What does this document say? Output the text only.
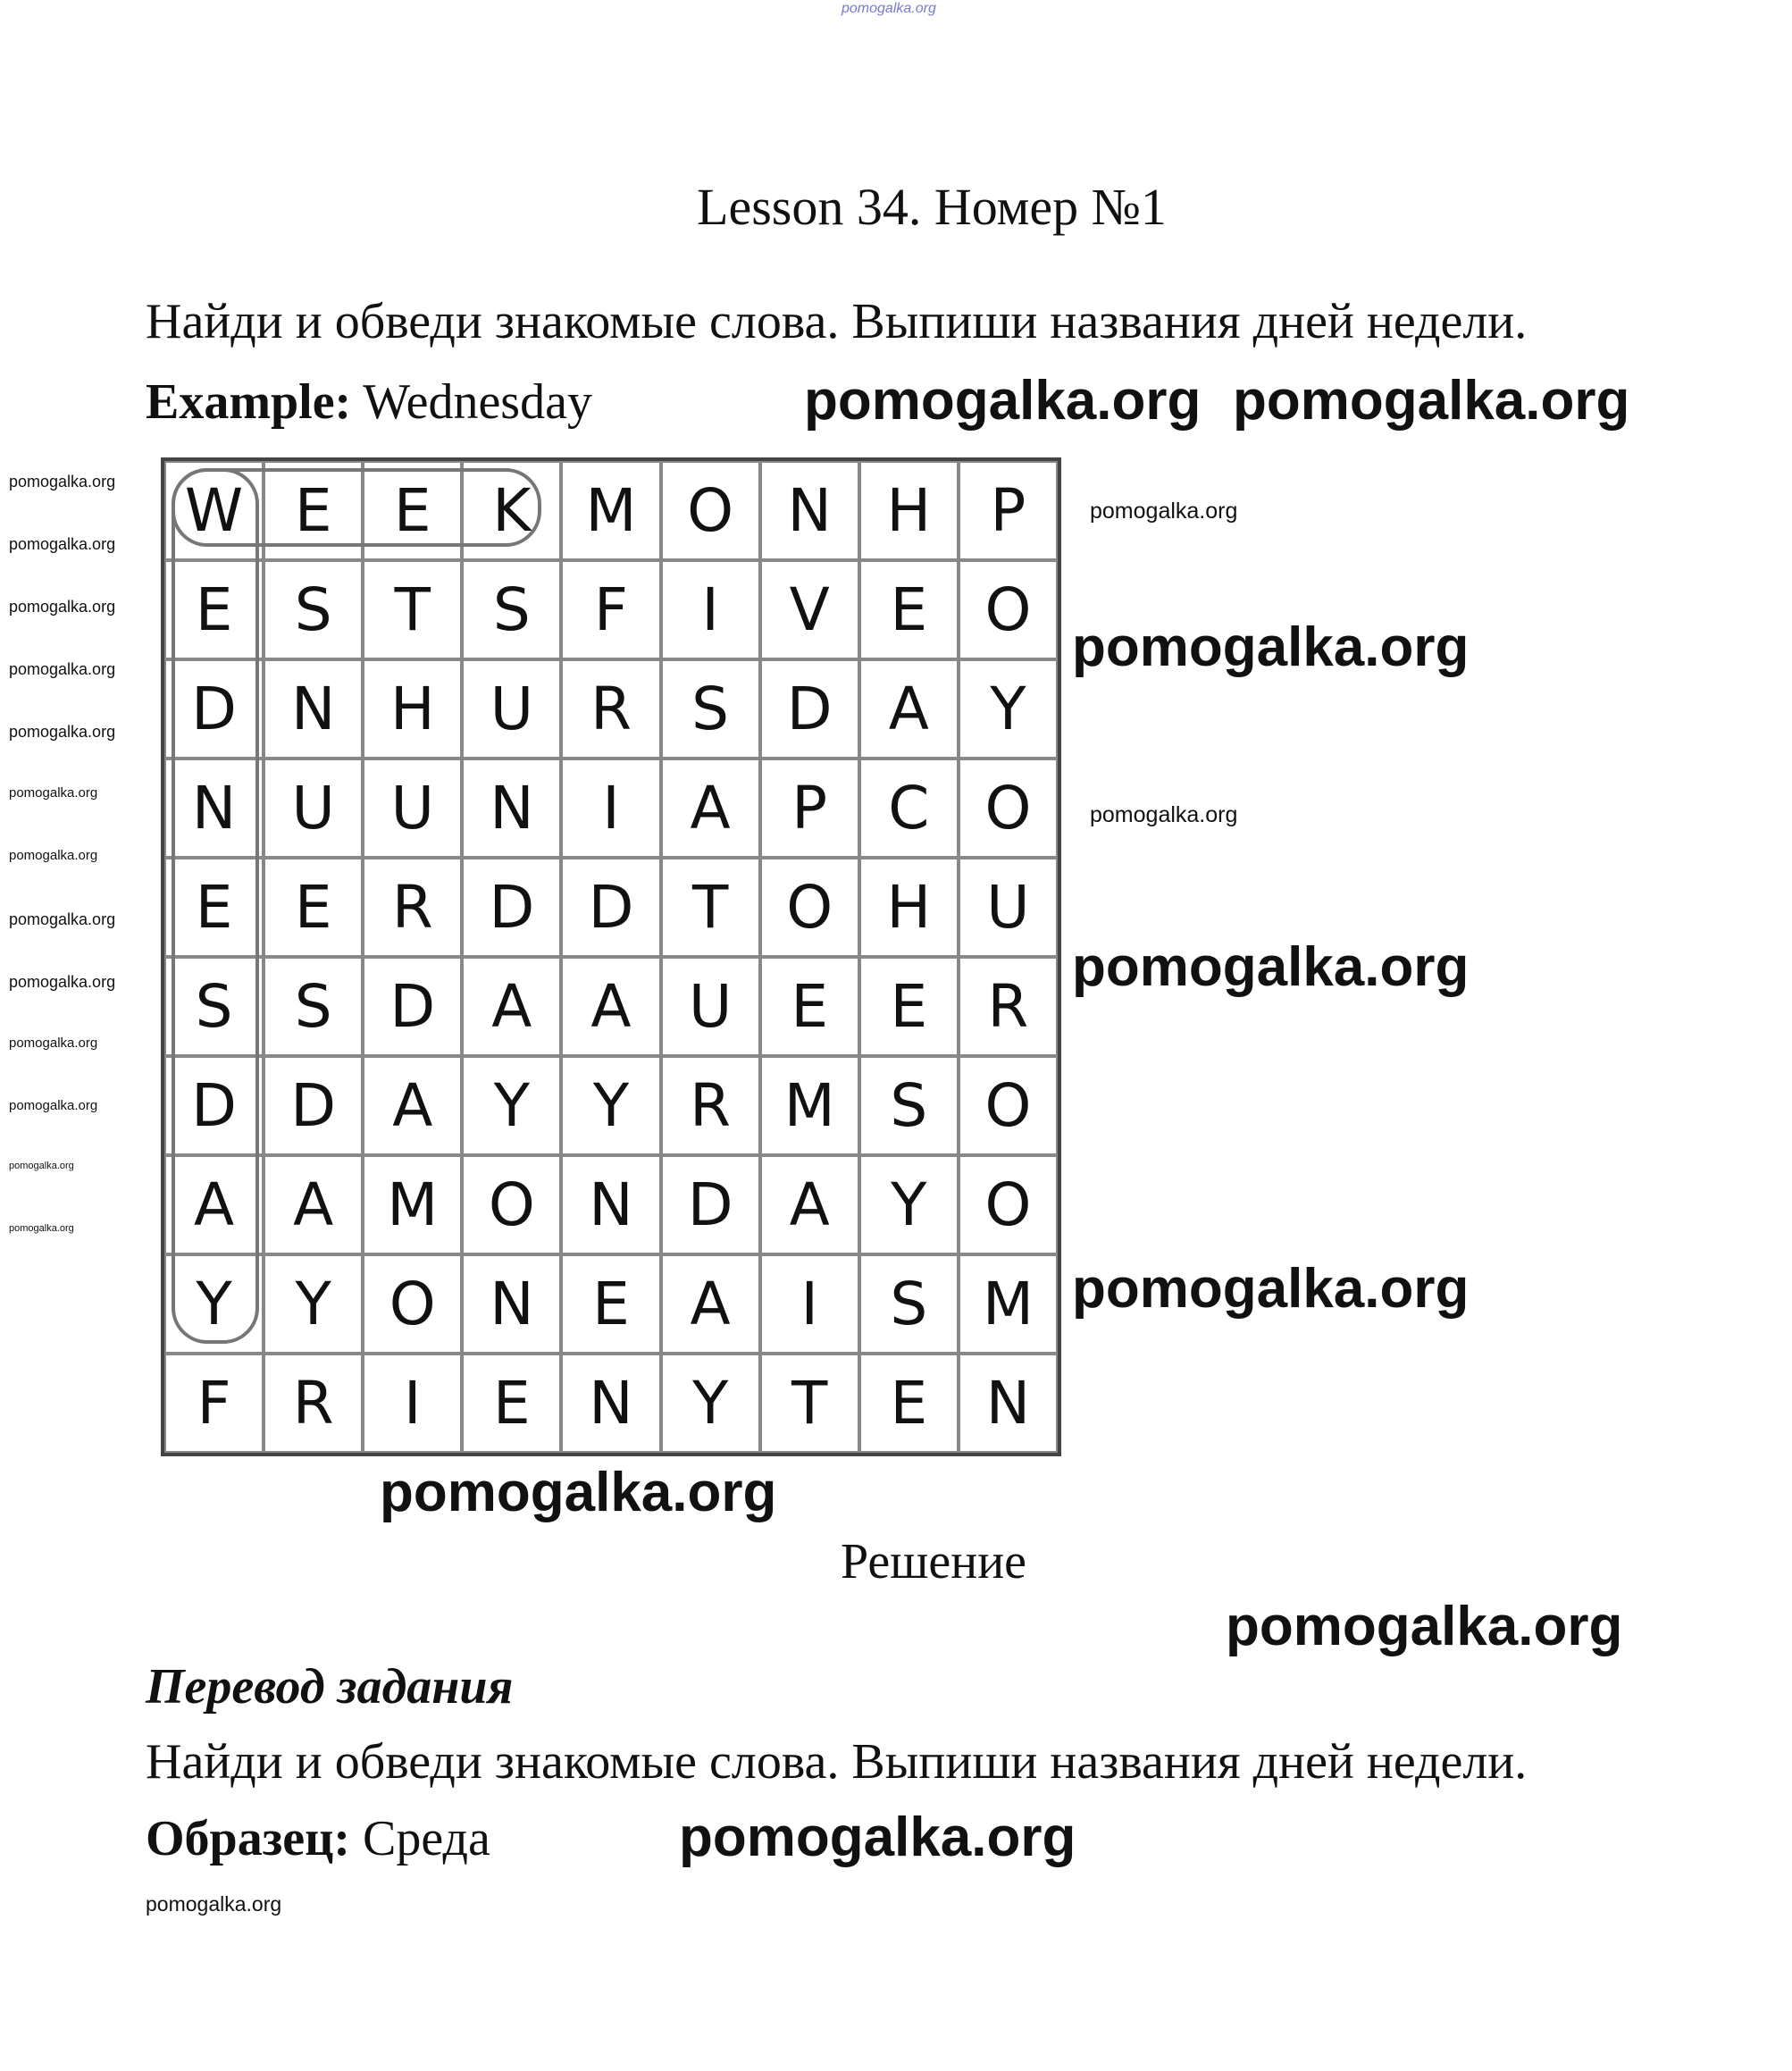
pomogalka.org
Lesson 34. Номер №1
Найди и обведи знакомые слова. Выпиши названия дней недели.
Example: Wednesday
W E	E	K M O N H	P
E	S	T	S	F	I	V	E O
D N H U R	S D A	Y
N U U N	I	A	P	C O
E	E	R D D T O H U
S	S D A A U	E	E	R
D D A	Y	Y	R M S O
A A M O N D A	Y O
Y	Y O N E	A	I	S M
F	R	I	E N	Y	T	E N
Решение
Перевод задания
Найди и обведи знакомые слова. Выпиши названия дней недели.
Образец: Среда
pomogalka.org pomogalka.org
pomogalka.org
pomogalka.org
pomogalka.org
pomogalka.org
pomogalka.org
pomogalka.org
pomogalka.org
pomogalka.org
pomogalka.org
pomogalka.org
pomogalka.org
pomogalka.org
pomogalka.org
pomogalka.org
pomogalka.org
pomogalka.org
pomogalka.org
pomogalka.org
pomogalka.org
pomogalka.org
pomogalka.org
pomogalka.org
